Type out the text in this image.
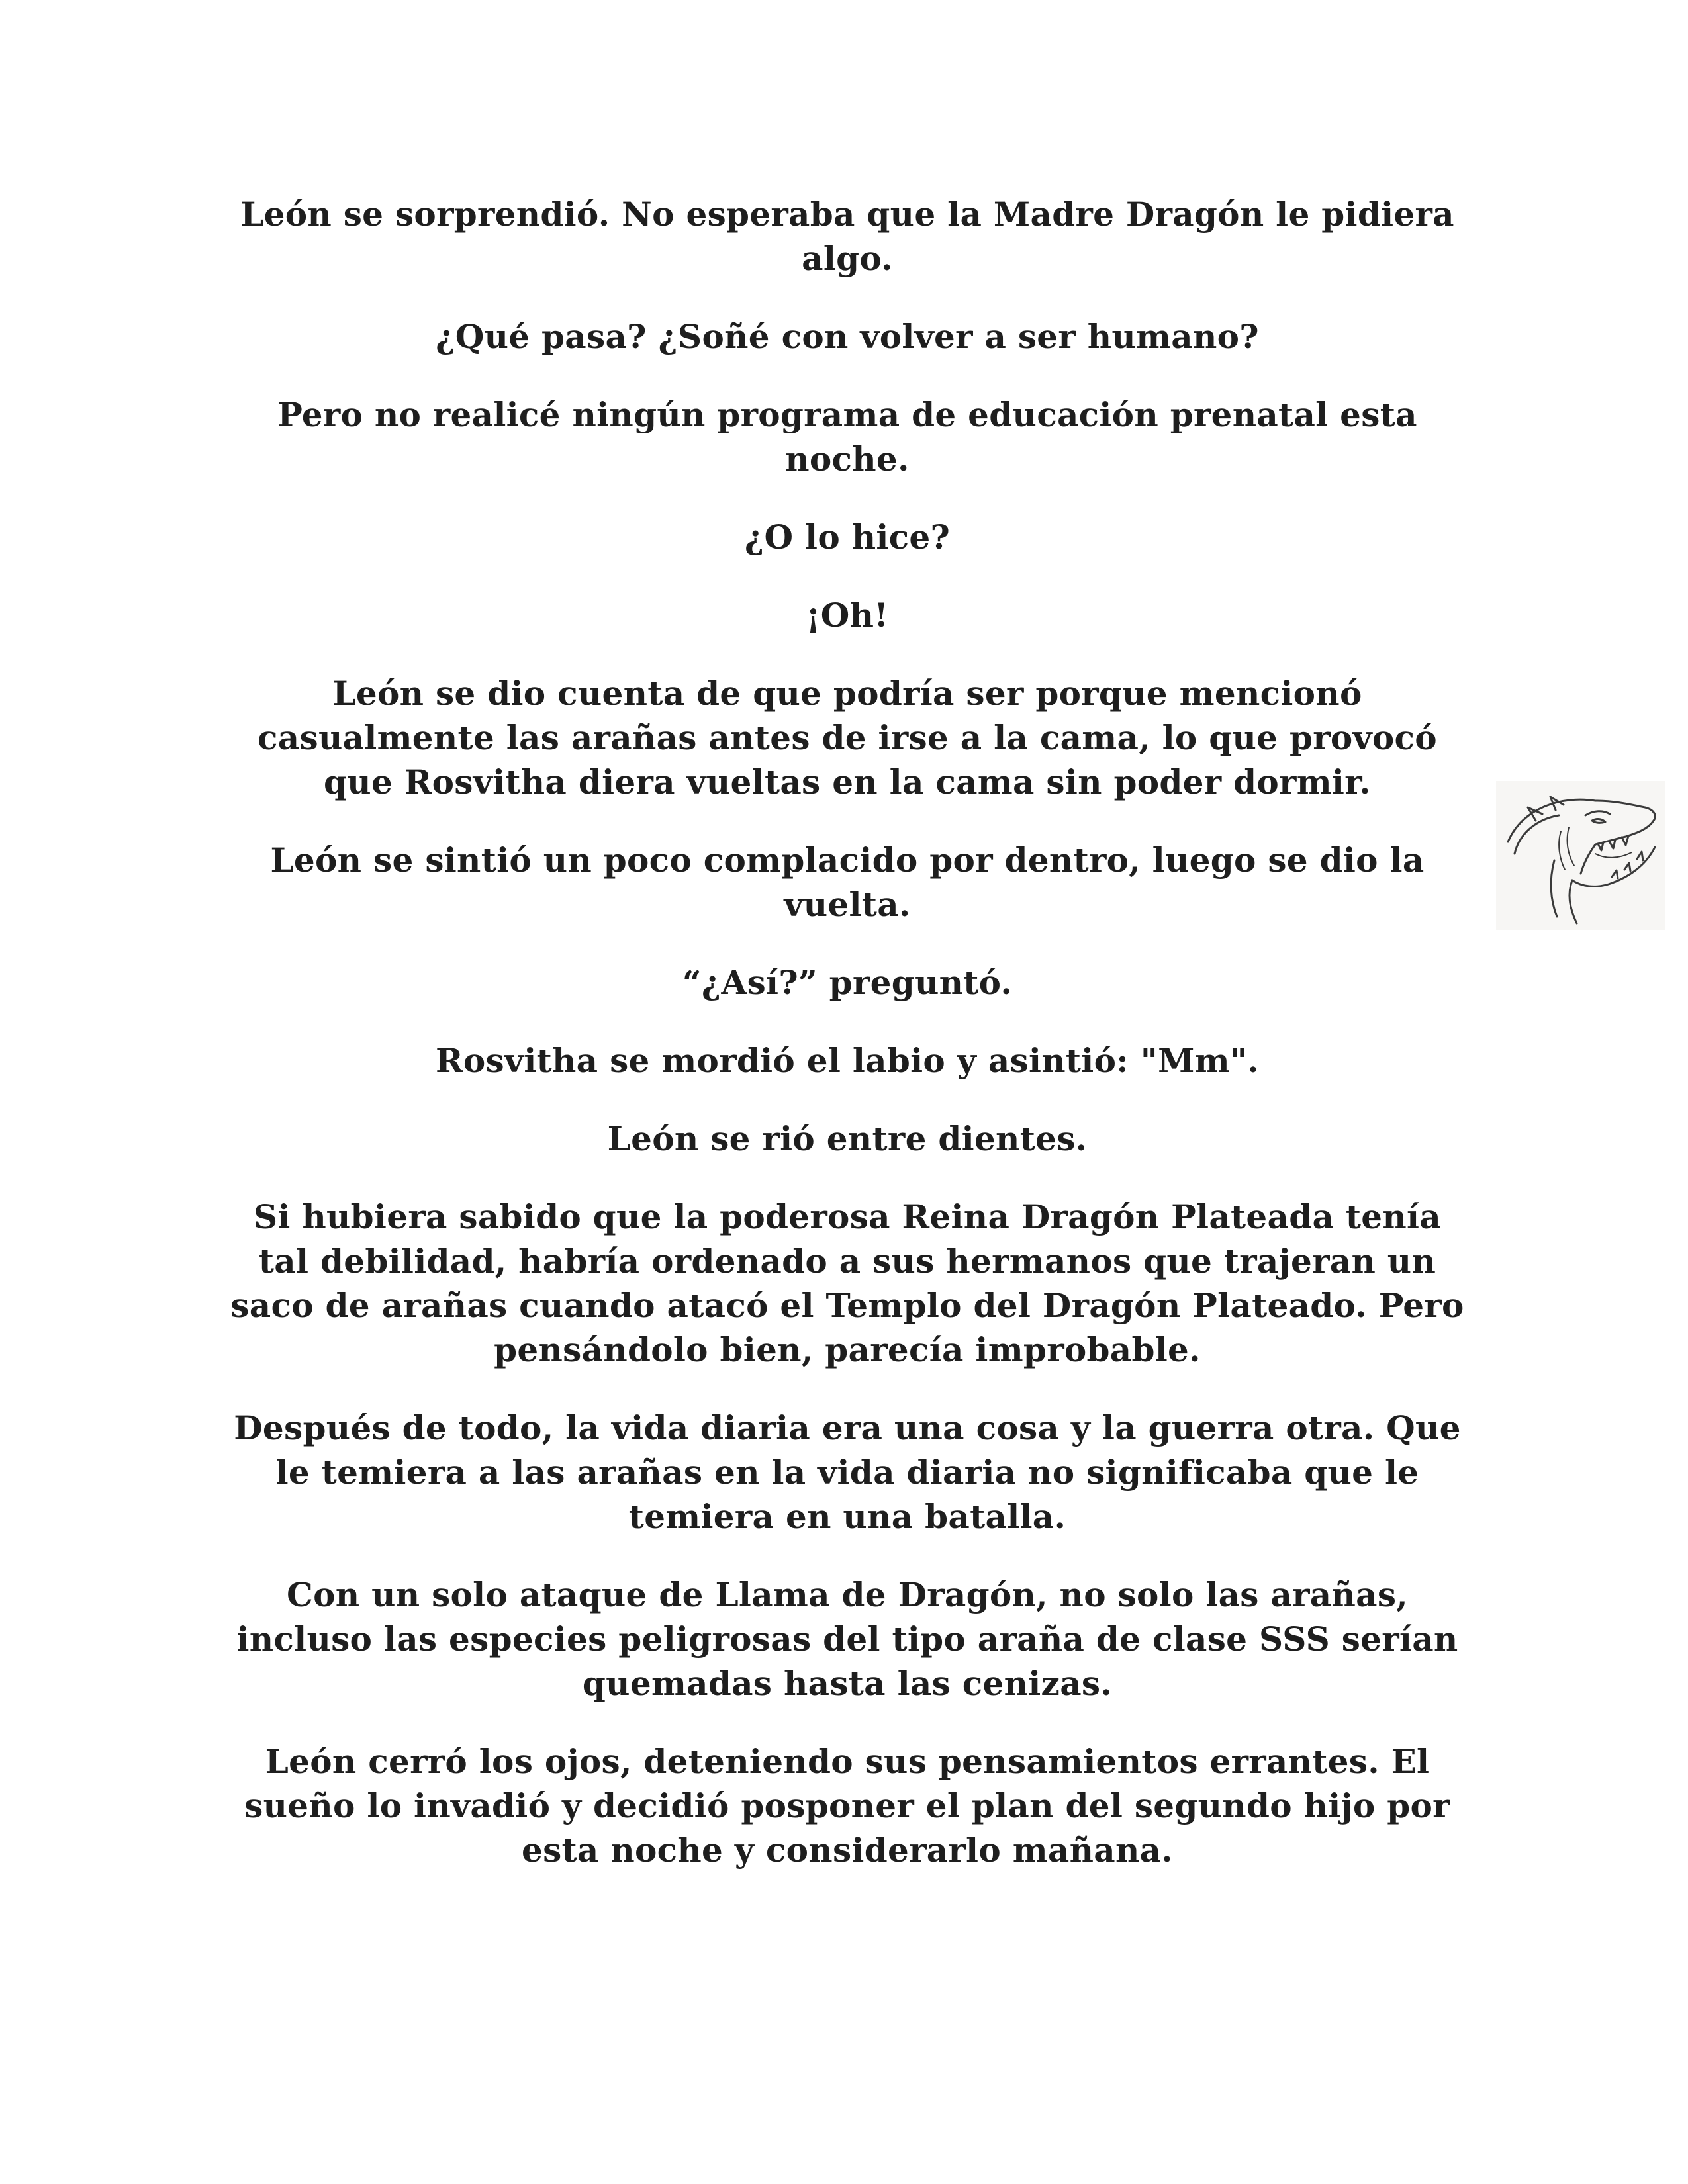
León se sorprendió. No esperaba que la Madre Dragón le pidiera algo.

¿Qué pasa? ¿Soñé con volver a ser humano?

Pero no realicé ningún programa de educación prenatal esta noche.

¿O lo hice?

¡Oh!

León se dio cuenta de que podría ser porque mencionó casualmente las arañas antes de irse a la cama, lo que provocó que Rosvitha diera vueltas en la cama sin poder dormir.

León se sintió un poco complacido por dentro, luego se dio la vuelta.

“¿Así?” preguntó.

Rosvitha se mordió el labio y asintió: "Mm".

León se rió entre dientes.

Si hubiera sabido que la poderosa Reina Dragón Plateada tenía tal debilidad, habría ordenado a sus hermanos que trajeran un saco de arañas cuando atacó el Templo del Dragón Plateado. Pero pensándolo bien, parecía improbable.

Después de todo, la vida diaria era una cosa y la guerra otra. Que le temiera a las arañas en la vida diaria no significaba que le temiera en una batalla.

Con un solo ataque de Llama de Dragón, no solo las arañas, incluso las especies peligrosas del tipo araña de clase SSS serían quemadas hasta las cenizas.

León cerró los ojos, deteniendo sus pensamientos errantes. El sueño lo invadió y decidió posponer el plan del segundo hijo por esta noche y considerarlo mañana.
